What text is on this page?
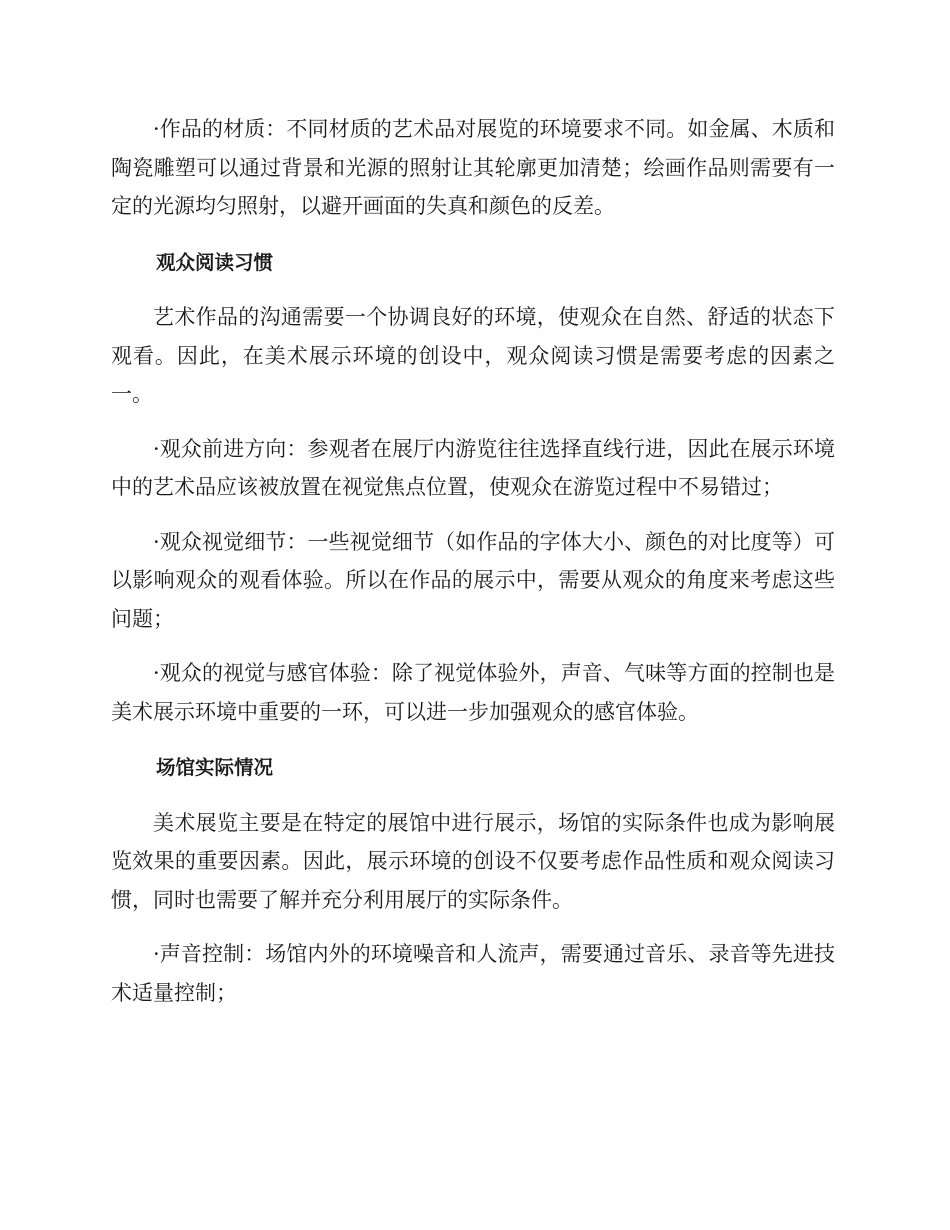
·作品的材质：不同材质的艺术品对展览的环境要求不同。如金属、木质和陶瓷雕塑可以通过背景和光源的照射让其轮廓更加清楚；绘画作品则需要有一定的光源均匀照射，以避开画面的失真和颜色的反差。

观众阅读习惯

艺术作品的沟通需要一个协调良好的环境，使观众在自然、舒适的状态下观看。因此，在美术展示环境的创设中，观众阅读习惯是需要考虑的因素之一。

·观众前进方向：参观者在展厅内游览往往选择直线行进，因此在展示环境中的艺术品应该被放置在视觉焦点位置，使观众在游览过程中不易错过；

·观众视觉细节：一些视觉细节（如作品的字体大小、颜色的对比度等）可以影响观众的观看体验。所以在作品的展示中，需要从观众的角度来考虑这些问题；

·观众的视觉与感官体验：除了视觉体验外，声音、气味等方面的控制也是美术展示环境中重要的一环，可以进一步加强观众的感官体验。

场馆实际情况

美术展览主要是在特定的展馆中进行展示，场馆的实际条件也成为影响展览效果的重要因素。因此，展示环境的创设不仅要考虑作品性质和观众阅读习惯，同时也需要了解并充分利用展厅的实际条件。

·声音控制：场馆内外的环境噪音和人流声，需要通过音乐、录音等先进技术适量控制；
